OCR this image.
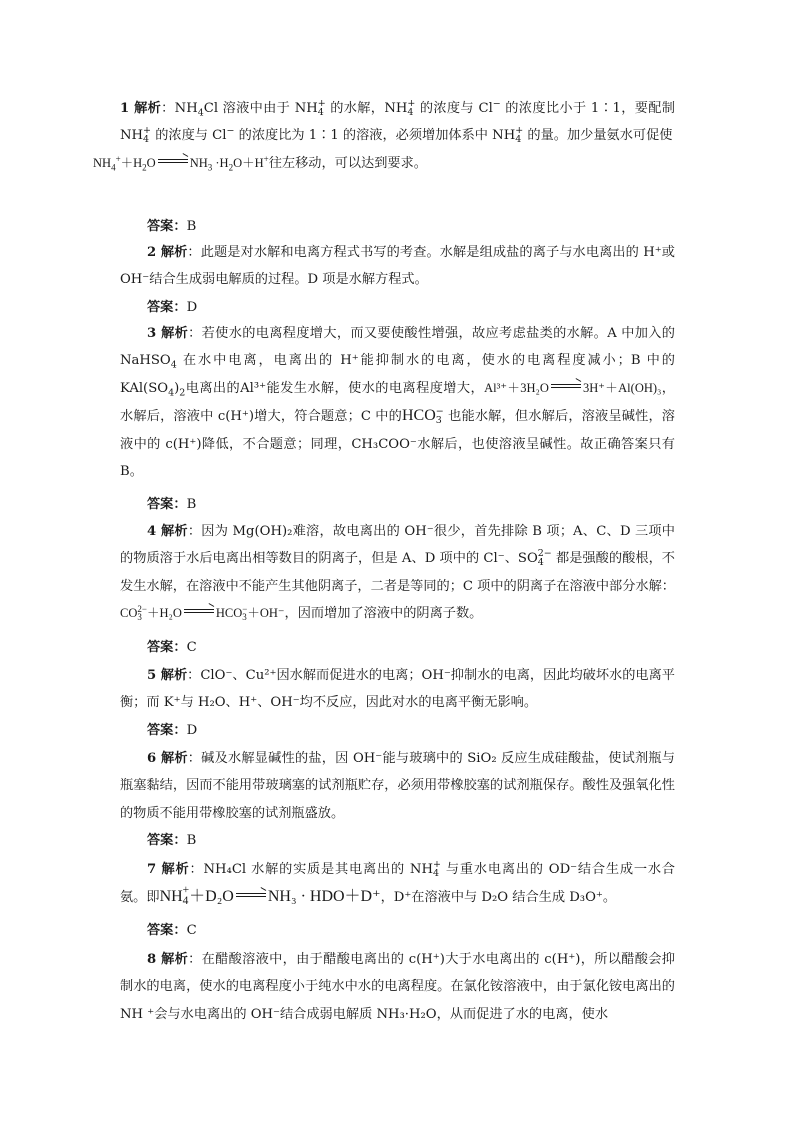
1 解析：$NH_4Cl$ 溶液中由于 NH +
4 的水解，NH +
4 的浓度与 Cl− 的浓度比小于 1∶1，要配制 NH +
4 的浓度与 Cl− 的浓度比为 1∶1 的溶液，必须增加体系中 NH +
4 的量。加少量氨水可促使
$NH_4^++H_2O \to NH_3 \cdot H_2O+H^+$往左移动，可以达到要求。

答案：B

2 解析：此题是对水解和电离方程式书写的考查。水解是组成盐的离子与水电离出的 H⁺或 OH⁻结合生成弱电解质的过程。D 项是水解方程式。

答案：D

3 解析：若使水的电离程度增大，而又要使酸性增强，故应考虑盐类的水解。A 中加入的 NaHSO$_4$ 在水中电离，电离出的 H⁺能抑制水的电离，使水的电离程度减小；B 中的 $KAl(SO_4)_2$电离出的Al³⁺能发生水解，使水的电离程度增大，Al³⁺＋3H₂O → 3H⁺＋Al(OH)₃，水解后，溶液中 c(H⁺)增大，符合题意；C 中的HCO −
3 也能水解，但水解后，溶液呈碱性，溶液中的 c(H⁺)降低，不合题意；同理，CH₃COO⁻水解后，也使溶液呈碱性。故正确答案只有 B。

答案：B

4 解析：因为 Mg(OH)₂难溶，故电离出的 OH⁻很少，首先排除 B 项；A、C、D 三项中的物质溶于水后电离出相等数目的阴离子，但是 A、D 项中的 Cl⁻、SO 2−
4 都是强酸的酸根，不发生水解，在溶液中不能产生其他阴离子，二者是等同的；C 项中的阴离子在溶液中部分水解：CO 2−
3 ＋H₂O → HCO −
3 ＋OH⁻，因而增加了溶液中的阴离子数。

答案：C

5 解析：ClO⁻、Cu²⁺因水解而促进水的电离；OH⁻抑制水的电离，因此均破坏水的电离平衡；而 K⁺与 H₂O、H⁺、OH⁻均不反应，因此对水的电离平衡无影响。

答案：D

6 解析：碱及水解显碱性的盐，因 OH⁻能与玻璃中的 SiO₂ 反应生成硅酸盐，使试剂瓶与瓶塞黏结，因而不能用带玻璃塞的试剂瓶贮存，必须用带橡胶塞的试剂瓶保存。酸性及强氧化性的物质不能用带橡胶塞的试剂瓶盛放。

答案：B

7 解析：NH₄Cl 水解的实质是其电离出的 NH +
4 与重水电离出的 OD⁻结合生成一水合氨。即NH +
4 ＋D₂O → NH₃ · HDO＋D⁺，D⁺在溶液中与 D₂O 结合生成 D₃O⁺。

答案：C

8 解析：在醋酸溶液中，由于醋酸电离出的 c(H⁺)大于水电离出的 c(H⁺)，所以醋酸会抑制水的电离，使水的电离程度小于纯水中水的电离程度。在氯化铵溶液中，由于氯化铵电离出的 NH ⁺会与水电离出的 OH⁻结合成弱电解质 NH₃·H₂O，从而促进了水的电离，使水
